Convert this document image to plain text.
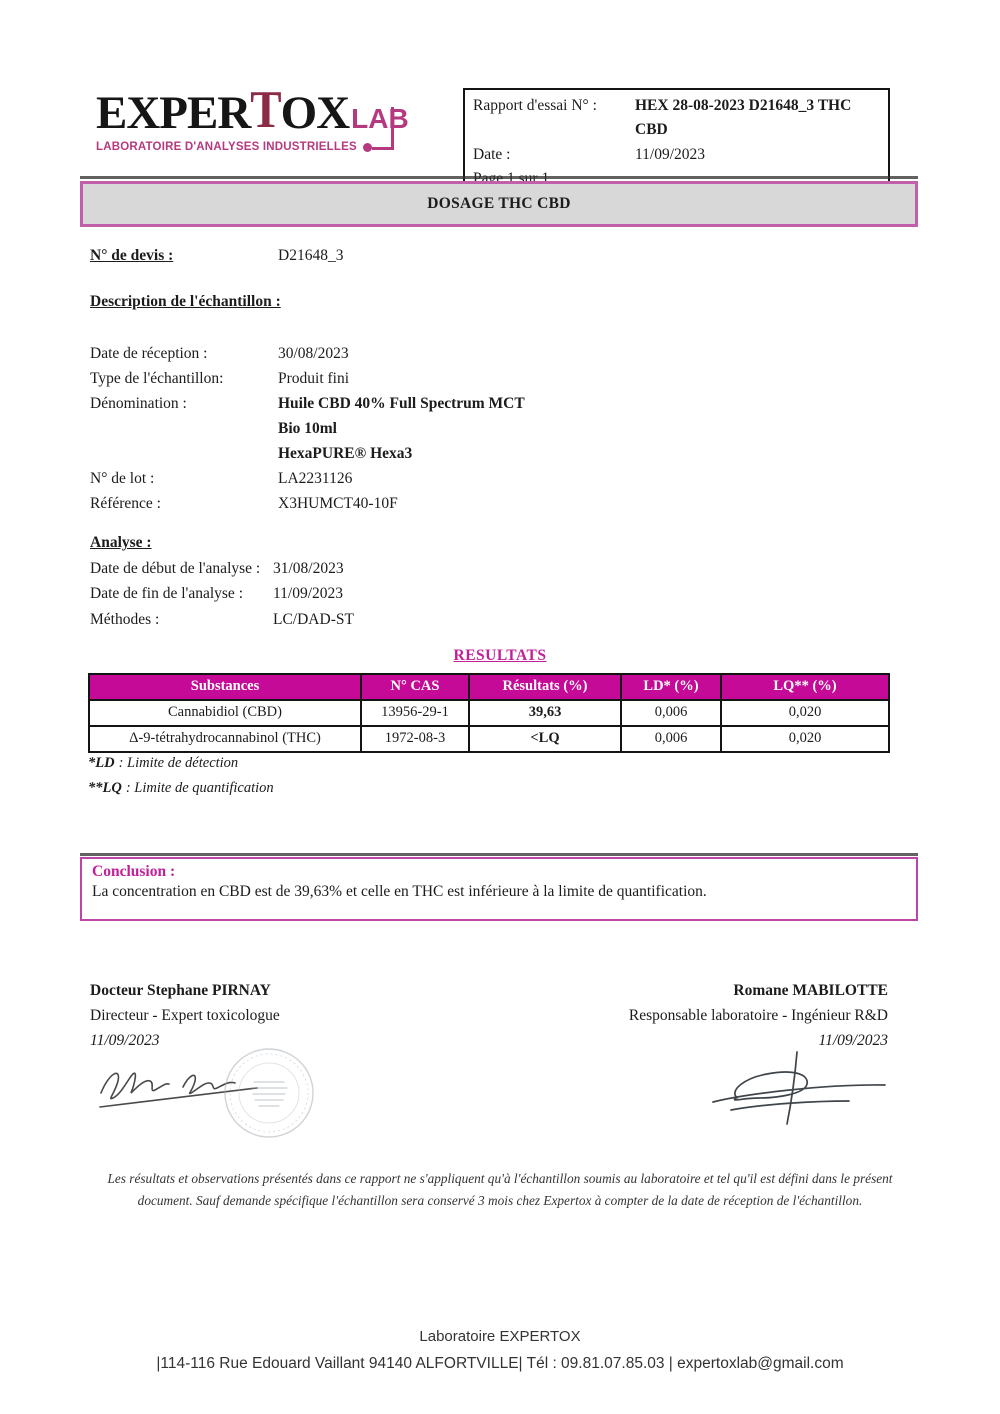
EXPERTOXLAB
LABORATOIRE D'ANALYSES INDUSTRIELLES
Rapport d'essai N° :	HEX 28-08-2023 D21648_3 THC CBD
Date :	11/09/2023
DOSAGE THC CBD
N° de devis :	D21648_3
Description de l'échantillon :
Date de réception :	30/08/2023
Type de l'échantillon:	Produit fini
Dénomination :	Huile CBD 40% Full Spectrum MCT
Bio 10ml
HexaPURE® Hexa3
N° de lot :	LA2231126
Référence :	X3HUMCT40-10F
Analyse :
Date de début de l'analyse : 31/08/2023
Date de fin de l'analyse :	11/09/2023
Méthodes :	LC/DAD-ST
RESULTATS
Substances	N° CAS	Résultats (%)	LD* (%)	LQ** (%)
Cannabidiol (CBD)	13956-29-1	39,63	0,006	0,020
Δ-9-tétrahydrocannabinol (THC)	1972-08-3	<LQ	0,006	0,020
*LD : Limite de détection
**LQ : Limite de quantification
Conclusion :
La concentration en CBD est de 39,63% et celle en THC est inférieure à la limite de quantification.
Docteur Stephane PIRNAY
Directeur - Expert toxicologue
11/09/2023
Romane MABILOTTE
Responsable laboratoire - Ingénieur R&D
11/09/2023
Les résultats et observations présentés dans ce rapport ne s'appliquent qu'à l'échantillon soumis au laboratoire et tel qu'il est défini dans le présent document. Sauf demande spécifique l'échantillon sera conservé 3 mois chez Expertox à compter de la date de réception de l'échantillon.
Laboratoire EXPERTOX
|114-116 Rue Edouard Vaillant 94140 ALFORTVILLE| Tél : 09.81.07.85.03 | expertoxlab@gmail.com
